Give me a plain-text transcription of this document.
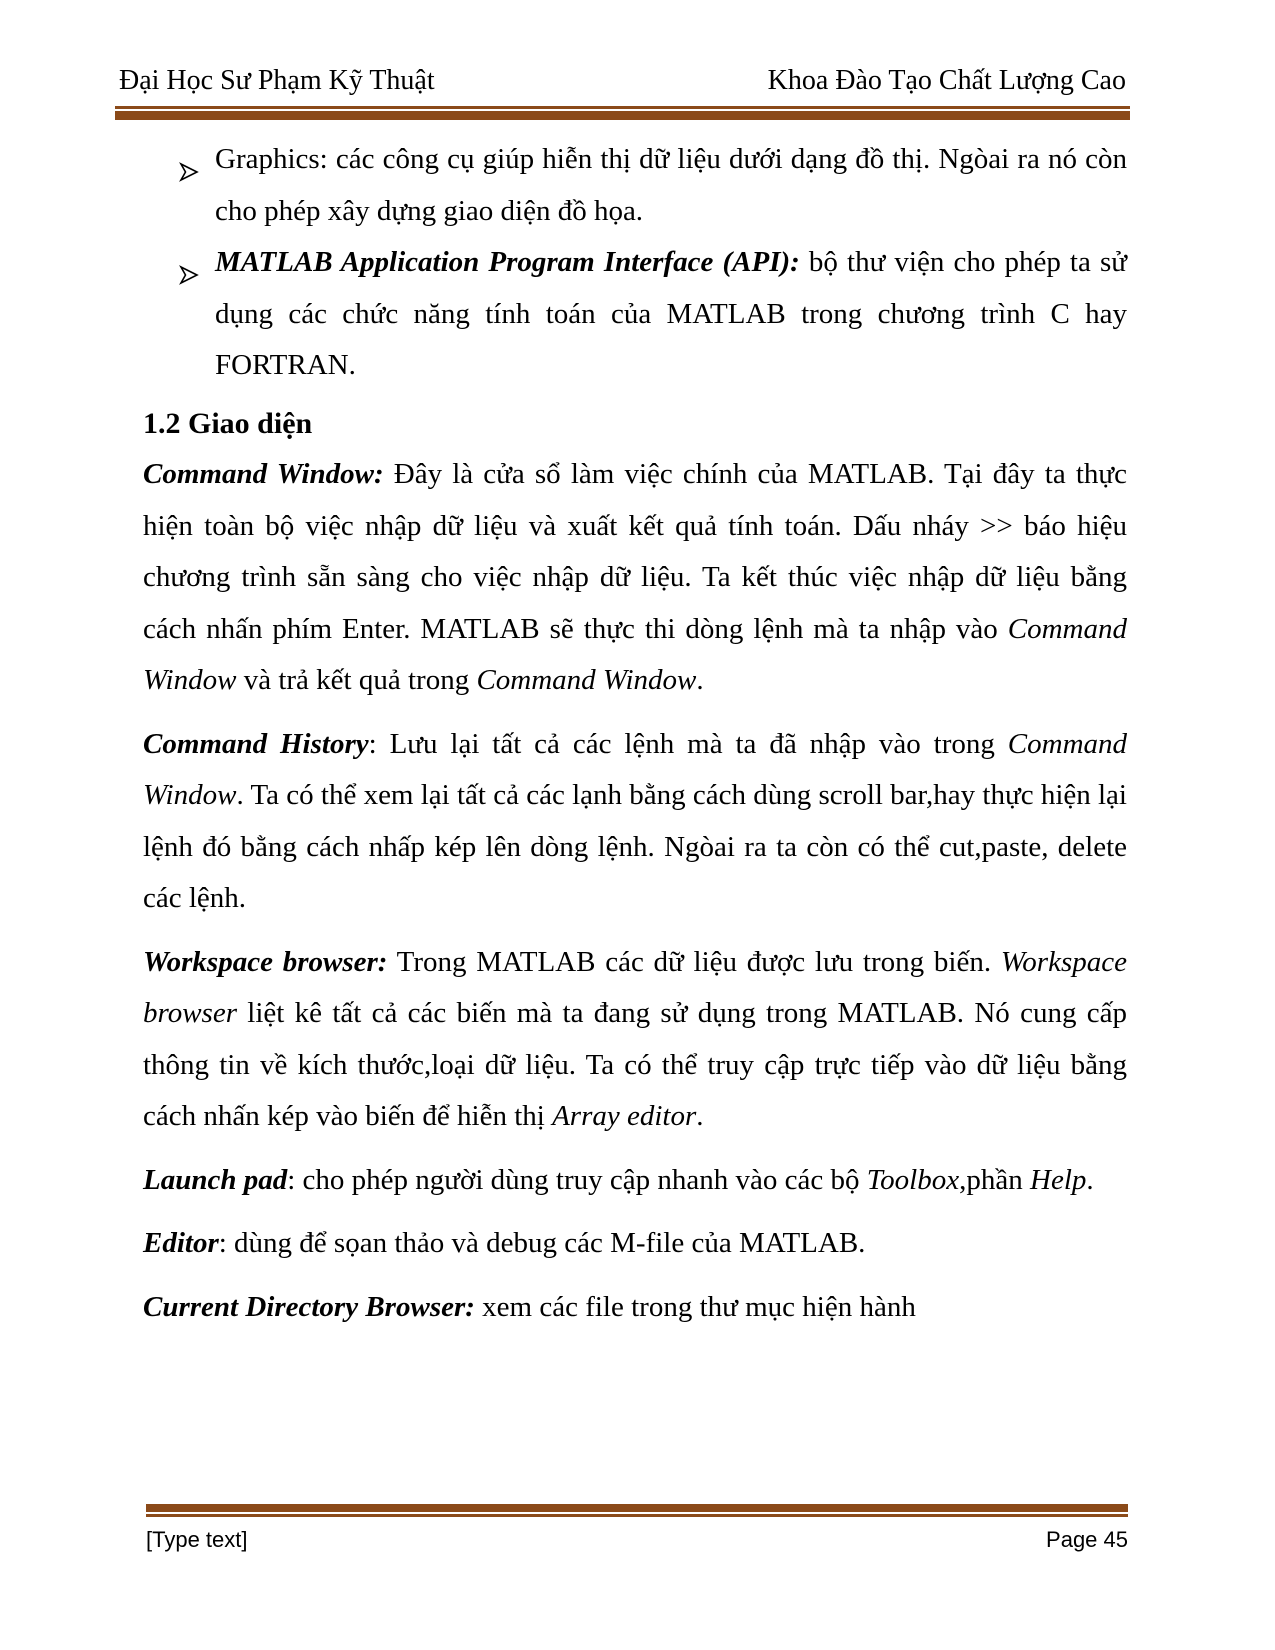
Đại Học Sư Phạm Kỹ Thuật	Khoa Đào Tạo Chất Lượng Cao
Graphics: các công cụ giúp hiễn thị dữ liệu dưới dạng đồ thị. Ngòai ra nó còn cho phép xây dựng giao diện đồ họa.
MATLAB Application Program Interface (API): bộ thư viện cho phép ta sử dụng các chức năng tính toán của MATLAB trong chương trình C hay FORTRAN.
1.2 Giao diện

Command Window: Đây là cửa sổ làm việc chính của MATLAB. Tại đây ta thực hiện toàn bộ việc nhập dữ liệu và xuất kết quả tính toán. Dấu nháy >> báo hiệu chương trình sẵn sàng cho việc nhập dữ liệu. Ta kết thúc việc nhập dữ liệu bằng cách nhấn phím Enter. MATLAB sẽ thực thi dòng lệnh mà ta nhập vào Command Window và trả kết quả trong Command Window.

Command History: Lưu lại tất cả các lệnh mà ta đã nhập vào trong Command Window. Ta có thể xem lại tất cả các lạnh bằng cách dùng scroll bar,hay thực hiện lại lệnh đó bằng cách nhấp kép lên dòng lệnh. Ngòai ra ta còn có thể cut,paste, delete các lệnh.

Workspace browser: Trong MATLAB các dữ liệu được lưu trong biến. Workspace browser liệt kê tất cả các biến mà ta đang sử dụng trong MATLAB. Nó cung cấp thông tin về kích thước,loại dữ liệu. Ta có thể truy cập trực tiếp vào dữ liệu bằng cách nhấn kép vào biến để hiễn thị Array editor.

Launch pad: cho phép người dùng truy cập nhanh vào các bộ Toolbox,phần Help.

Editor: dùng để sọan thảo và debug các M-file của MATLAB.

Current Directory Browser: xem các file trong thư mục hiện hành

[Type text]	Page 45
